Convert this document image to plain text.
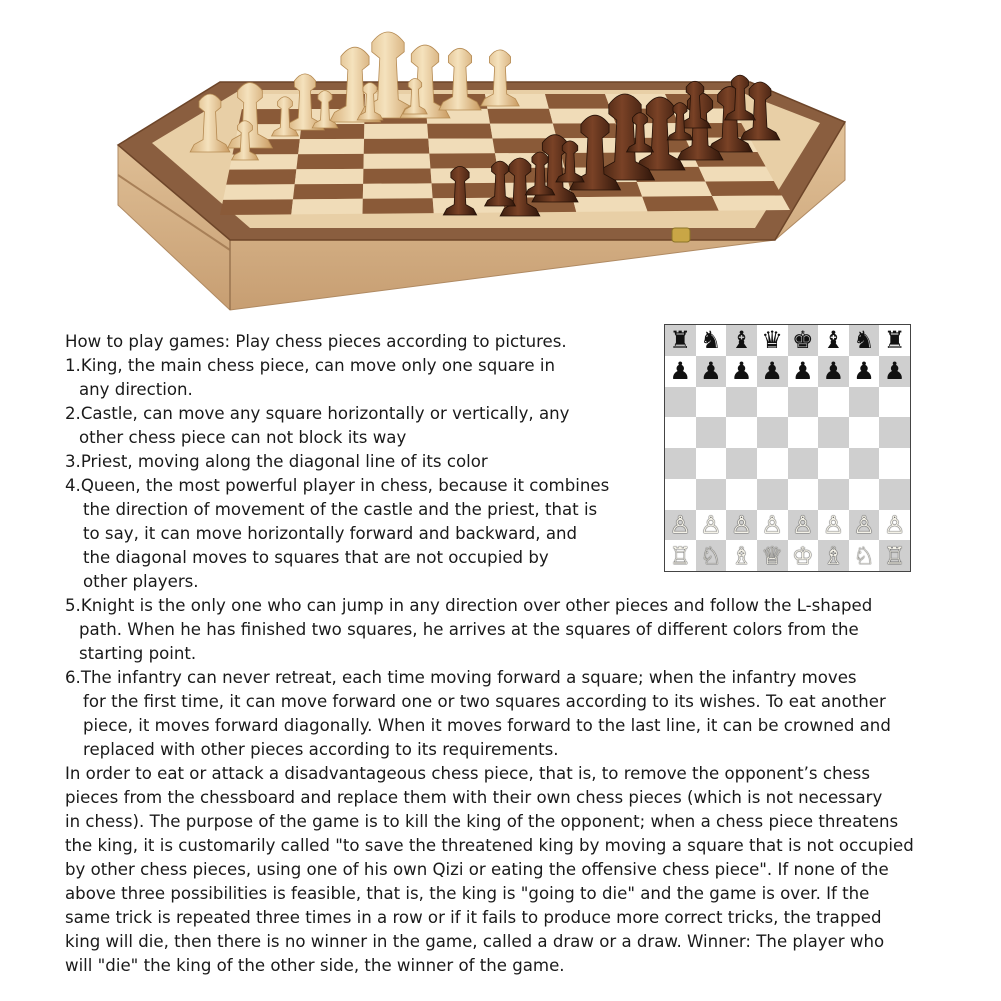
♜ ♞ ♝ ♛ ♚ ♝ ♞ ♜
♟ ♟ ♟ ♟ ♟ ♟ ♟ ♟
♙ ♙ ♙ ♙ ♙ ♙ ♙ ♙
♖ ♘ ♗ ♕ ♔ ♗ ♘ ♖
How to play games: Play chess pieces according to pictures.
1.King, the main chess piece, can move only one square in
any direction.
2.Castle, can move any square horizontally or vertically, any
other chess piece can not block its way
3.Priest, moving along the diagonal line of its color
4.Queen, the most powerful player in chess, because it combines
the direction of movement of the castle and the priest, that is
to say, it can move horizontally forward and backward, and
the diagonal moves to squares that are not occupied by
other players.
5.Knight is the only one who can jump in any direction over other pieces and follow the L-shaped
path. When he has finished two squares, he arrives at the squares of different colors from the
starting point.
6.The infantry can never retreat, each time moving forward a square; when the infantry moves
for the first time, it can move forward one or two squares according to its wishes. To eat another
piece, it moves forward diagonally. When it moves forward to the last line, it can be crowned and
replaced with other pieces according to its requirements.
In order to eat or attack a disadvantageous chess piece, that is, to remove the opponent’s chess
pieces from the chessboard and replace them with their own chess pieces (which is not necessary
in chess). The purpose of the game is to kill the king of the opponent; when a chess piece threatens
the king, it is customarily called "to save the threatened king by moving a square that is not occupied
by other chess pieces, using one of his own Qizi or eating the offensive chess piece". If none of the
above three possibilities is feasible, that is, the king is "going to die" and the game is over. If the
same trick is repeated three times in a row or if it fails to produce more correct tricks, the trapped
king will die, then there is no winner in the game, called a draw or a draw. Winner: The player who
will "die" the king of the other side, the winner of the game.
